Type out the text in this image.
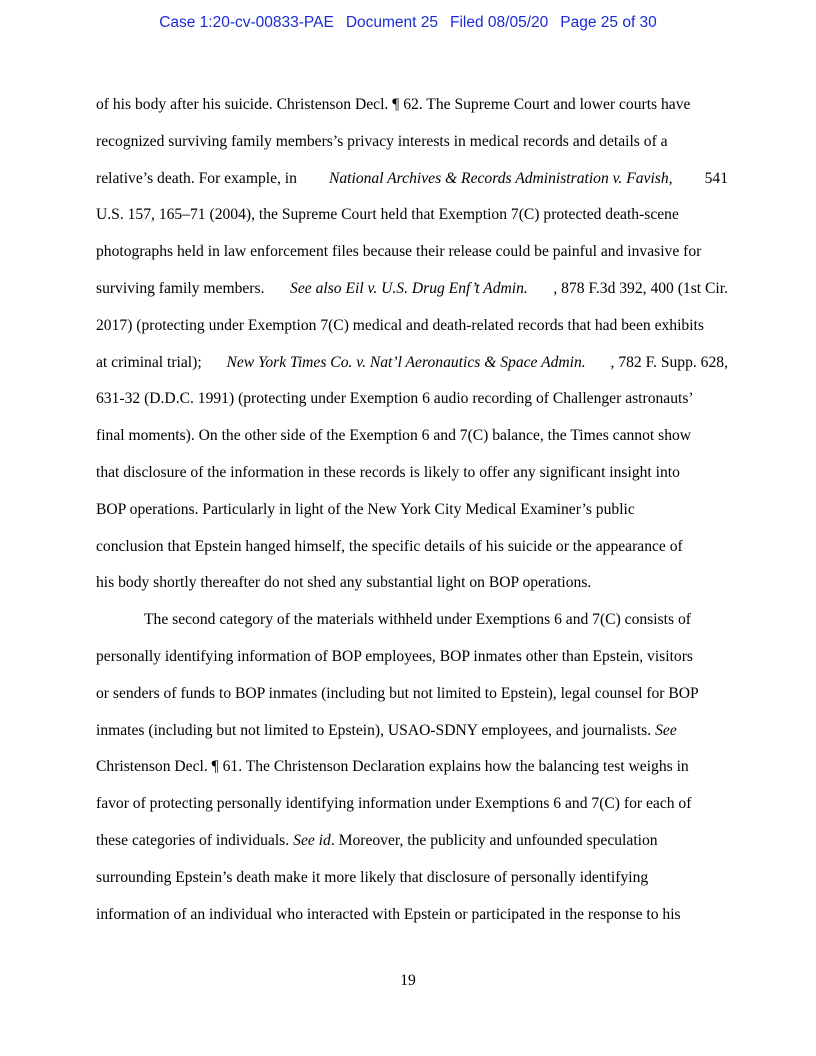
Case 1:20-cv-00833-PAE Document 25 Filed 08/05/20 Page 25 of 30
of his body after his suicide. Christenson Decl. ¶ 62. The Supreme Court and lower courts have
recognized surviving family members’s privacy interests in medical records and details of a
relative’s death. For example, in National Archives & Records Administration v. Favish, 541
U.S. 157, 165–71 (2004), the Supreme Court held that Exemption 7(C) protected death-scene
photographs held in law enforcement files because their release could be painful and invasive for
surviving family members. See also Eil v. U.S. Drug Enf’t Admin. , 878 F.3d 392, 400 (1st Cir.
2017) (protecting under Exemption 7(C) medical and death-related records that had been exhibits
at criminal trial); New York Times Co. v. Nat’l Aeronautics & Space Admin. , 782 F. Supp. 628,
631-32 (D.D.C. 1991) (protecting under Exemption 6 audio recording of Challenger astronauts’
final moments). On the other side of the Exemption 6 and 7(C) balance, the Times cannot show
that disclosure of the information in these records is likely to offer any significant insight into
BOP operations. Particularly in light of the New York City Medical Examiner’s public
conclusion that Epstein hanged himself, the specific details of his suicide or the appearance of
his body shortly thereafter do not shed any substantial light on BOP operations.
The second category of the materials withheld under Exemptions 6 and 7(C) consists of
personally identifying information of BOP employees, BOP inmates other than Epstein, visitors
or senders of funds to BOP inmates (including but not limited to Epstein), legal counsel for BOP
inmates (including but not limited to Epstein), USAO-SDNY employees, and journalists. See
Christenson Decl. ¶ 61. The Christenson Declaration explains how the balancing test weighs in
favor of protecting personally identifying information under Exemptions 6 and 7(C) for each of
these categories of individuals. See id. Moreover, the publicity and unfounded speculation
surrounding Epstein’s death make it more likely that disclosure of personally identifying
information of an individual who interacted with Epstein or participated in the response to his
19
